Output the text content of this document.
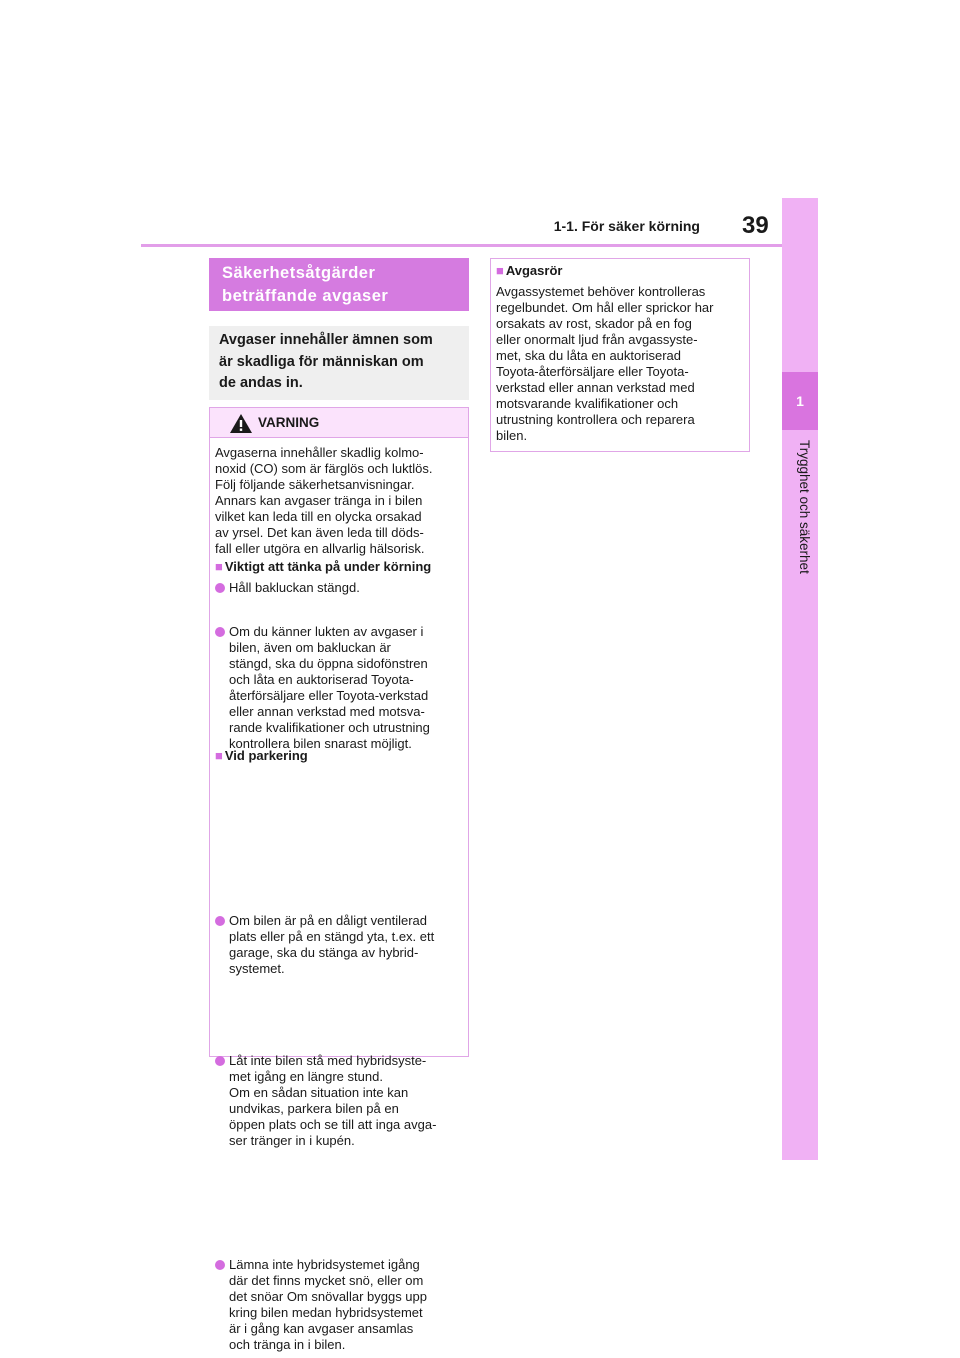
1-1. För säker körning 39
1
Trygghet och säkerhet
Säkerhetsåtgärder
beträffande avgaser
Avgaser innehåller ämnen som
är skadliga för människan om
de andas in.
VARNING
Avgaserna innehåller skadlig kolmo-
noxid (CO) som är färglös och luktlös.
Följ följande säkerhetsanvisningar.
Annars kan avgaser tränga in i bilen
vilket kan leda till en olycka orsakad
av yrsel. Det kan även leda till döds-
fall eller utgöra en allvarlig hälsorisk.
■ Viktigt att tänka på under körning
Håll bakluckan stängd.
Om du känner lukten av avgaser i
bilen, även om bakluckan är
stängd, ska du öppna sidofönstren
och låta en auktoriserad Toyota-
återförsäljare eller Toyota-verkstad
eller annan verkstad med motsva-
rande kvalifikationer och utrustning
kontrollera bilen snarast möjligt.
■ Vid parkering
Om bilen är på en dåligt ventilerad
plats eller på en stängd yta, t.ex. ett
garage, ska du stänga av hybrid-
systemet.
Låt inte bilen stå med hybridsyste-
met igång en längre stund.
Om en sådan situation inte kan
undvikas, parkera bilen på en
öppen plats och se till att inga avga-
ser tränger in i kupén.
Lämna inte hybridsystemet igång
där det finns mycket snö, eller om
det snöar Om snövallar byggs upp
kring bilen medan hybridsystemet
är i gång kan avgaser ansamlas
och tränga in i bilen.
■ Avgasrör
Avgassystemet behöver kontrolleras
regelbundet. Om hål eller sprickor har
orsakats av rost, skador på en fog
eller onormalt ljud från avgassyste-
met, ska du låta en auktoriserad
Toyota-återförsäljare eller Toyota-
verkstad eller annan verkstad med
motsvarande kvalifikationer och
utrustning kontrollera och reparera
bilen.
